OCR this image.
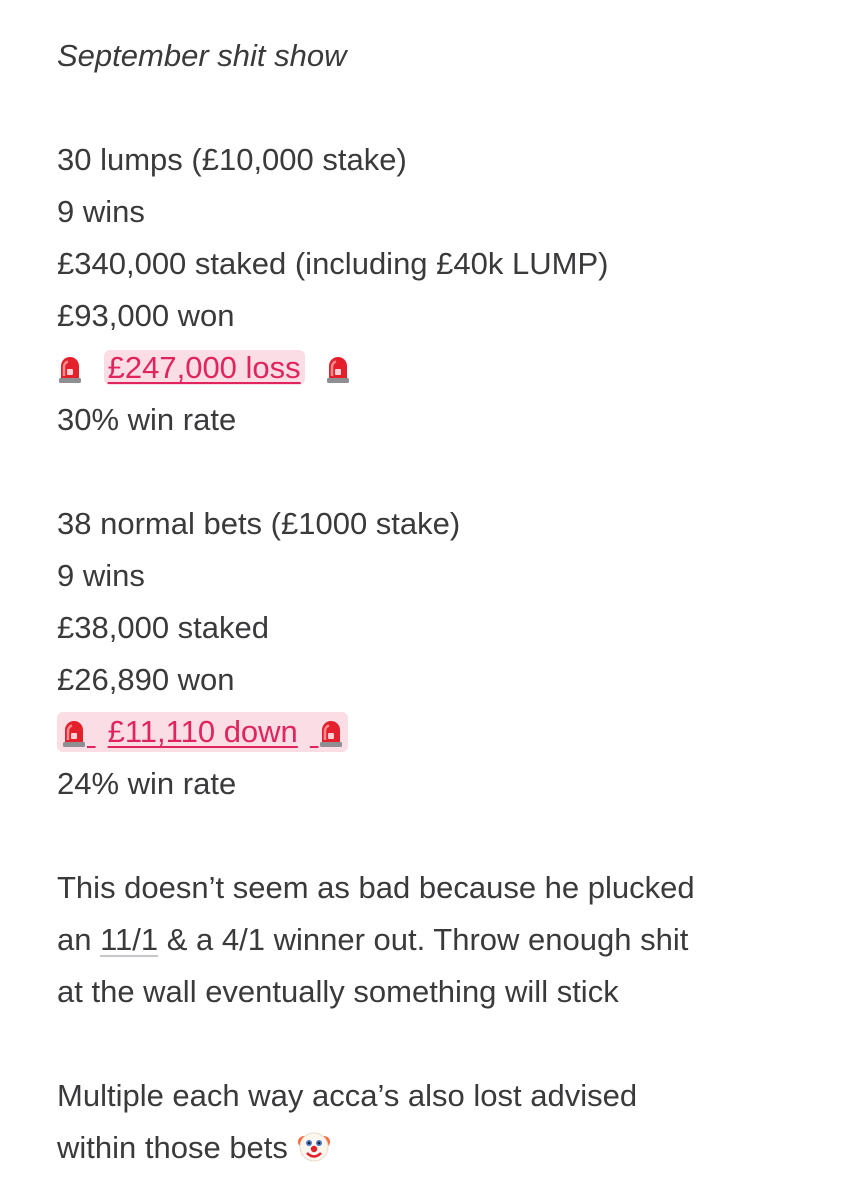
September shit show
30 lumps (£10,000 stake)
9 wins
£340,000 staked (including £40k LUMP)
£93,000 won
£247,000 loss
30% win rate
38 normal bets (£1000 stake)
9 wins
£38,000 staked
£26,890 won
£11,110 down
24% win rate
This doesn’t seem as bad because he plucked
an 11/1 & a 4/1 winner out. Throw enough shit
at the wall eventually something will stick
Multiple each way acca’s also lost advised
within those bets
